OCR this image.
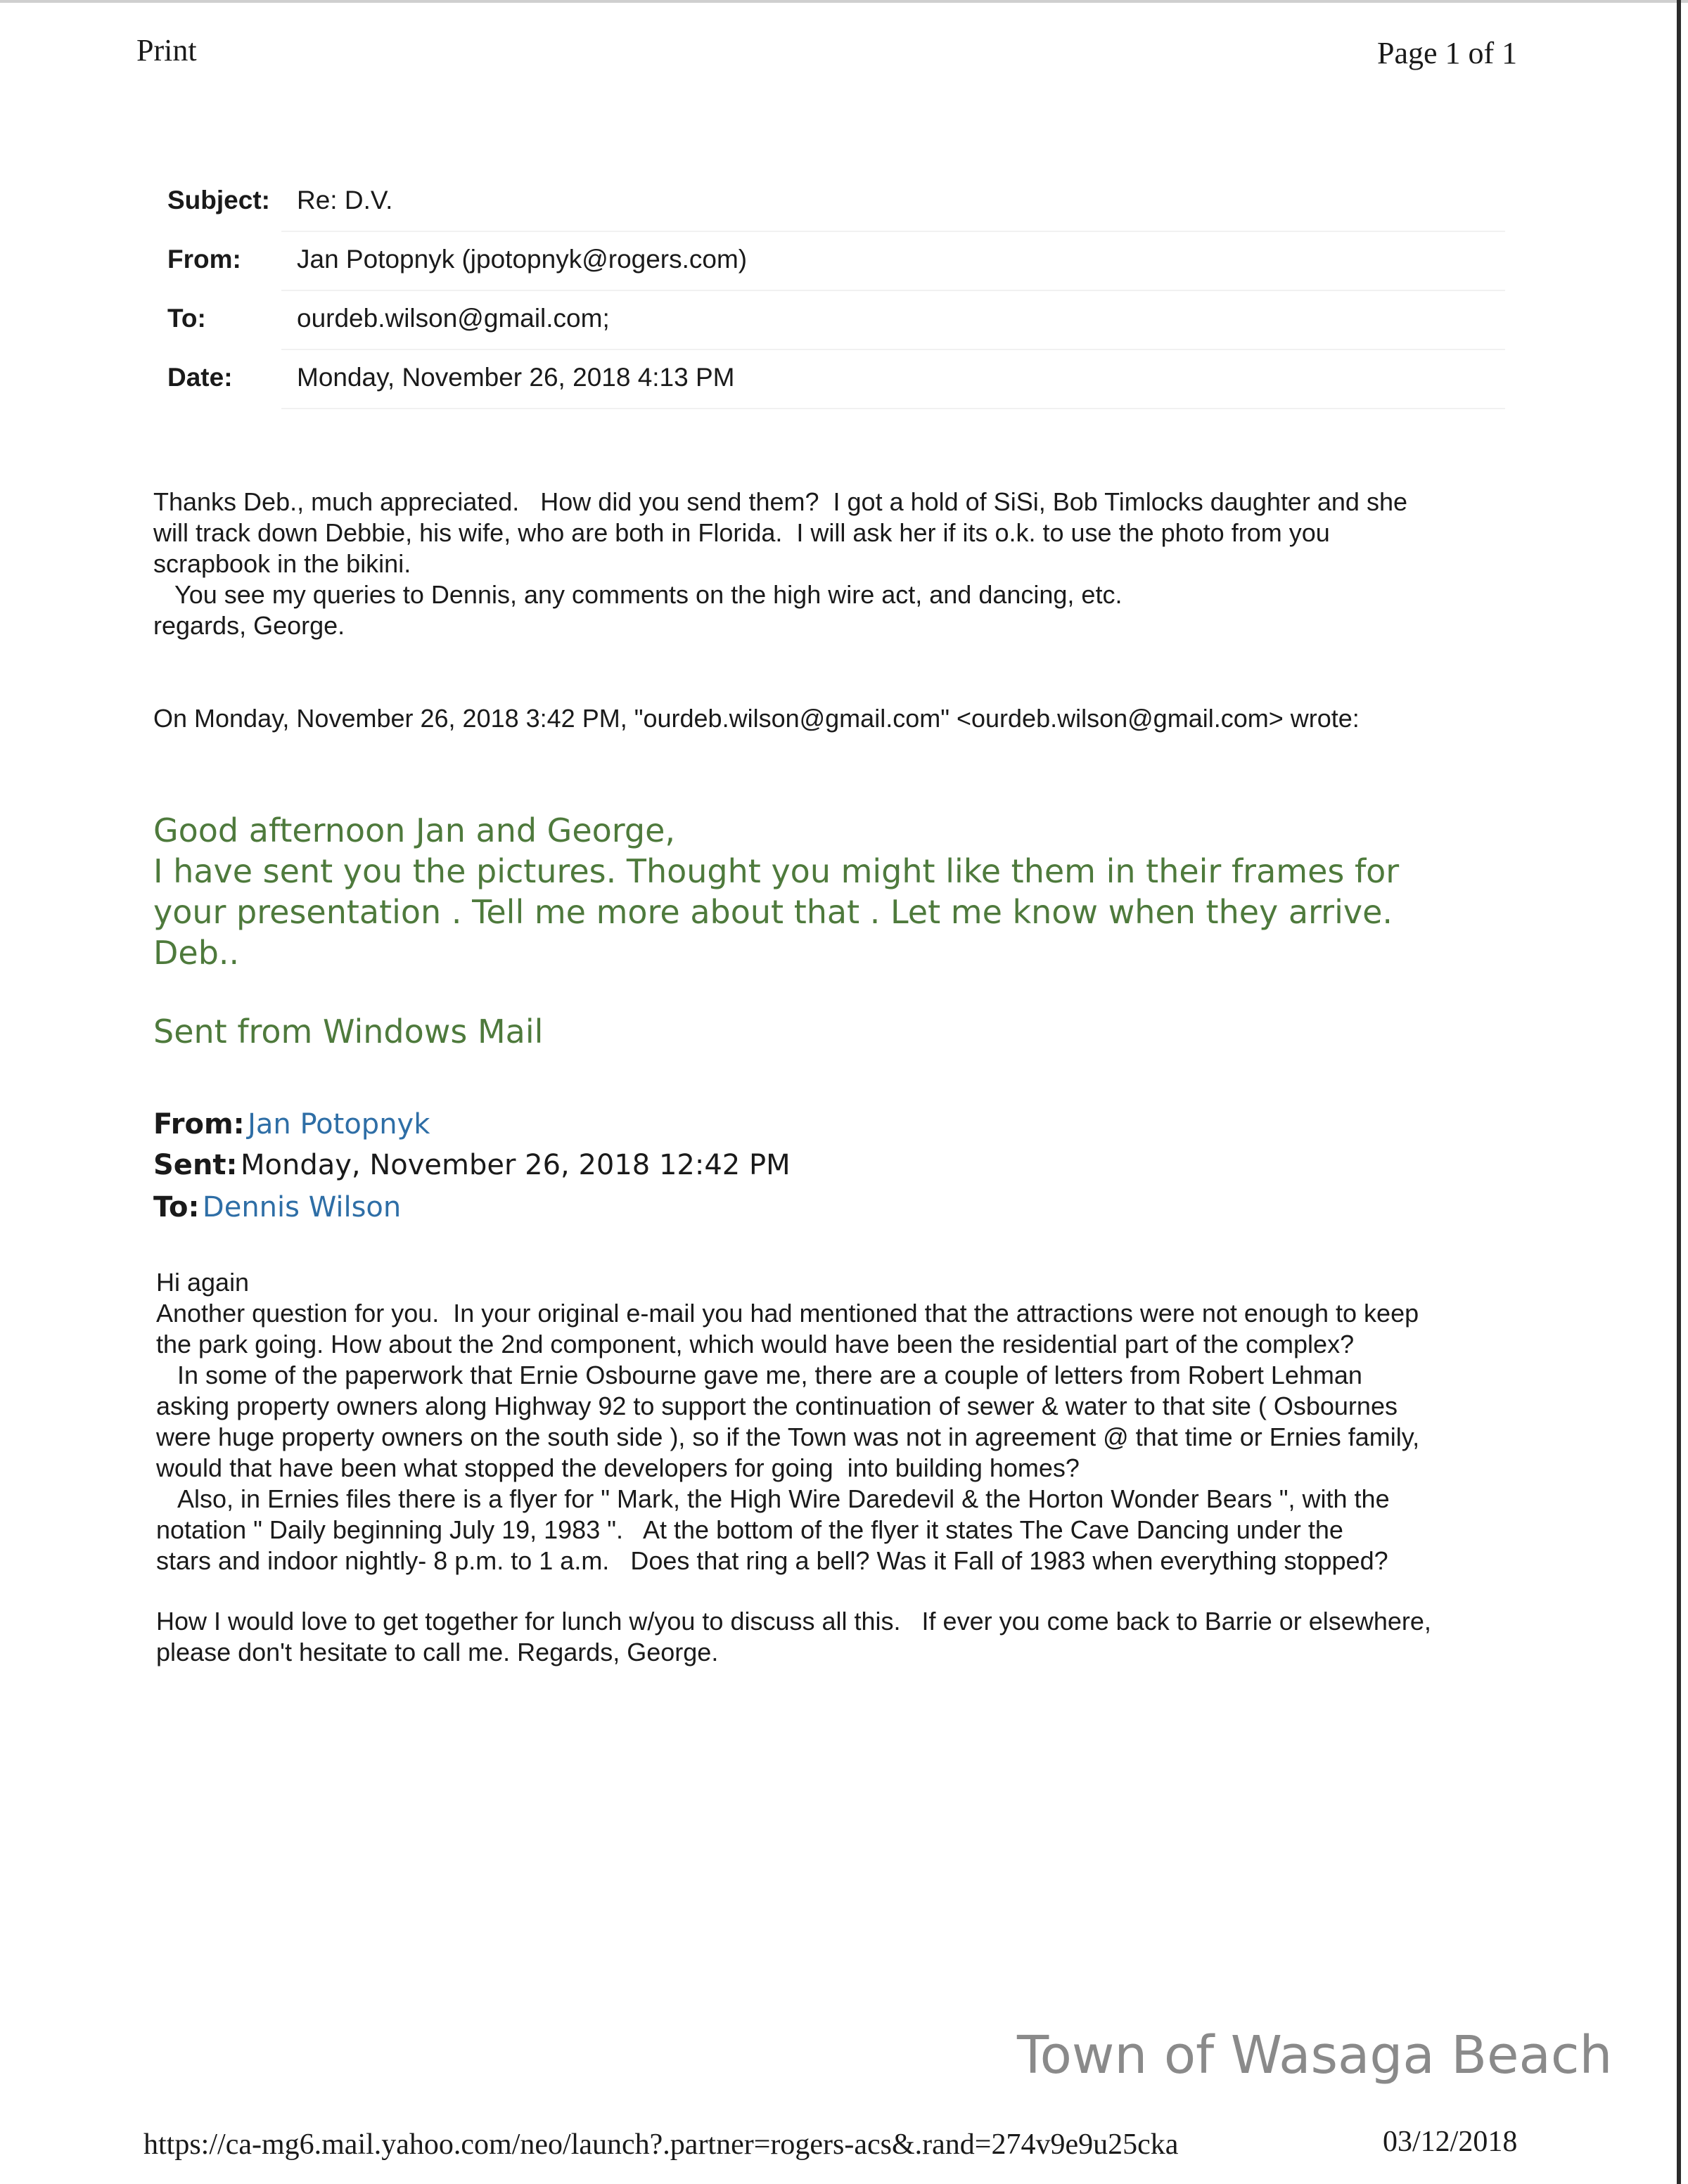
Print	Page 1 of 1
Subject: Re: D.V.
From: Jan Potopnyk (jpotopnyk@rogers.com)
To:	ourdeb.wilson@gmail.com;
Date: Monday, November 26, 2018 4:13 PM

Thanks Deb., much appreciated.   How did you send them?  I got a hold of SiSi, Bob Timlocks daughter and she

will track down Debbie, his wife, who are both in Florida.  I will ask her if its o.k. to use the photo from you

scrapbook in the bikini.

You see my queries to Dennis, any comments on the high wire act, and dancing, etc.

regards, George.

On Monday, November 26, 2018 3:42 PM, "ourdeb.wilson@gmail.com" <ourdeb.wilson@gmail.com> wrote:

Good afternoon Jan and George,

I have sent you the pictures. Thought you might like them in their frames for

your presentation . Tell me more about that . Let me know when they arrive.

Deb..

Sent from Windows Mail
From: Jan Potopnyk
Sent: Monday, November 26, 2018 12:42 PM
To: Dennis Wilson

Hi again

Another question for you.  In your original e-mail you had mentioned that the attractions were not enough to keep

the park going. How about the 2nd component, which would have been the residential part of the complex?

In some of the paperwork that Ernie Osbourne gave me, there are a couple of letters from Robert Lehman

asking property owners along Highway 92 to support the continuation of sewer & water to that site ( Osbournes

were huge property owners on the south side ), so if the Town was not in agreement @ that time or Ernies family,

would that have been what stopped the developers for going  into building homes?

Also, in Ernies files there is a flyer for " Mark, the High Wire Daredevil & the Horton Wonder Bears ", with the

notation " Daily beginning July 19, 1983 ".   At the bottom of the flyer it states The Cave Dancing under the

stars and indoor nightly- 8 p.m. to 1 a.m.   Does that ring a bell? Was it Fall of 1983 when everything stopped?

How I would love to get together for lunch w/you to discuss all this.   If ever you come back to Barrie or elsewhere,

please don't hesitate to call me. Regards, George.

Town of Wasaga Beach
https://ca-mg6.mail.yahoo.com/neo/launch?.partner=rogers-acs&.rand=274v9e9u25cka	03/12/2018
